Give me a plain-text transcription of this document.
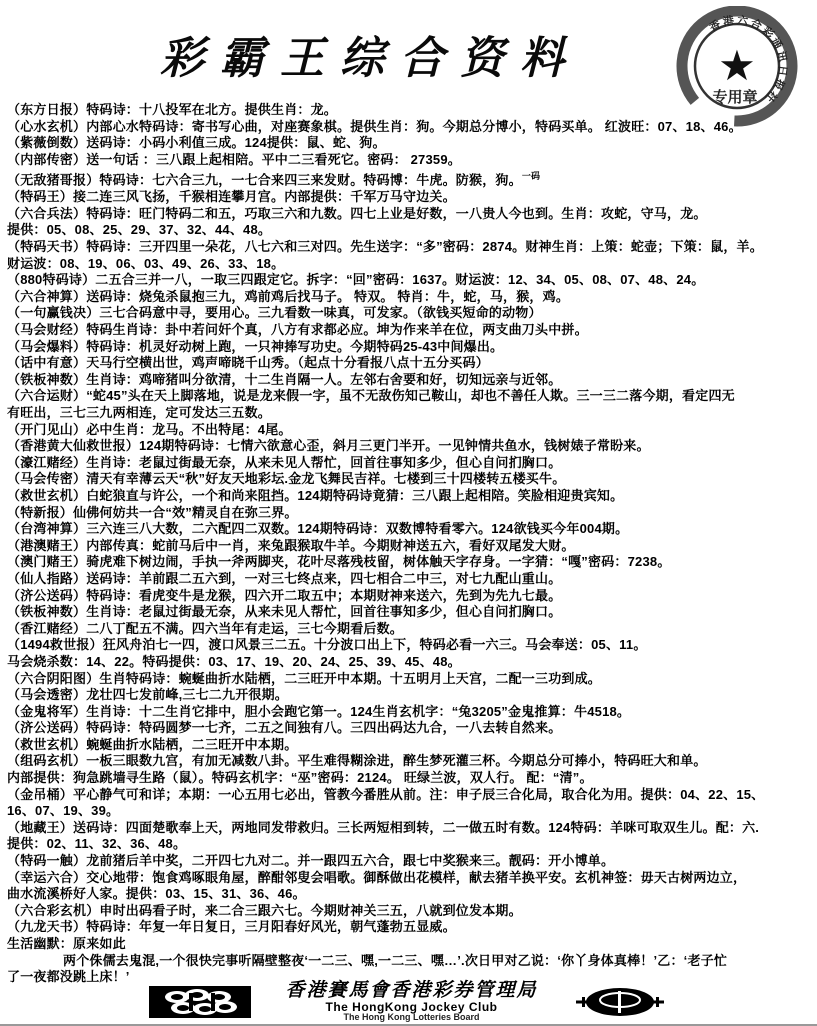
彩霸王综合资料
香港六合彩通讯日报社
★
专用章
（东方日报）特码诗：十八投军在北方。提供生肖：龙。
（心水玄机）内部心水特码诗：寄书写心曲，对座赛象棋。提供生肖：狗。今期总分博小，特码买单。 红波旺：07、18、46。
（紫薇倒数）送码诗：小码小利值三成。124提供：鼠、蛇、狗。
（内部传密）送一句话 ：三八跟上起相陪。平中二三看死它。密码： 27359。
（无敌猪哥报）特码诗：七六合三九，一七合来四三来发财。特码博：牛虎。防猴，狗。$^{一码}$
（特码王）接二连三风飞扬，千猴相连攀月宫。内部提供：千军万马守边关。
（六合兵法）特码诗：旺门特码二和五，巧取三六和九数。四七上业是好数，一八贵人今也到。生肖：攻蛇，守马，龙。
提供：05、08、25、29、37、32、44、48。
（特码天书）特码诗：三开四里一朵花，八七六和三对四。先生送字：“多”密码：2874。财神生肖：上策：蛇壶；下策：鼠，羊。
财运波：08、19、06、03、49、26、33、18。
（880特码诗）二五合三并一八，一取三四跟定它。拆字：“回”密码：1637。财运波：12、34、05、08、07、48、24。
（六合神算）送码诗：烧兔杀鼠抱三九，鸡前鸡后找马子。 特双。 特肖：牛，蛇，马，猴，鸡。
（一句赢钱决）三七合码意中寻，要用心。三九看数一味真，可发家。（欲钱买短命的动物）
（马会财经）特码生肖诗：卦中若问奸个真，八方有求都必应。坤为作来羊在位，两支曲刀头中拼。
（马会爆料）特码诗：机灵好动树上跑，一只神捧写功史。今期特码25-43中间爆出。
（话中有意）天马行空横出世，鸡声啼晓千山秀。（起点十分看报八点十五分买码）
（铁板神数）生肖诗：鸡啼猪叫分欲清，十二生肖隔一人。左邻右舍要和好，切知远亲与近邻。
（六合运财）“蛇45”头在天上脚落地，说是龙来假一字，虽不无敌伤知己鞍山，却也不善任人欺。三一三二落今期，看定四无
有旺出，三七三九两相连，定可发达三五数。
（开门见山）必中生肖：龙马。不出特尾：4尾。
（香港黄大仙救世报）124期特码诗：七情六欲意心歪，斜月三更门半开。一见钟情共鱼水，钱树婊子常盼来。
（濠江赌经）生肖诗：老鼠过街最无奈，从来未见人帮忙，回首往事知多少，但心自问扪胸口。
（马会传密）清天有幸薄云天“秋”好友天地彩坛.金龙飞舞民吉祥。七楼到三十四楼转五楼买牛。
（救世玄机）白蛇狼直与许公，一个和尚来阻挡。124期特码诗竟猜：三八跟上起相陪。笑脸相迎贵宾知。
（特新报）仙佛何妨共一合“效”精灵自在弥三界。
（台湾神算）三六连三八大数，二六配四二双数。124期特码诗：双数博特看零六。124欲钱买今年004期。
（港澳赌王）内部传真：蛇前马后中一肖，来兔跟猴取牛羊。今期财神送五六，看好双尾发大财。
（澳门赌王）骑虎难下树边闹，手执一斧两脚夹，花叶尽落残枝留，树体触天字存身。一字猜：“嘎”密码：7238。
（仙人指路）送码诗：羊前跟二五六到，一对三七终点来，四七相合二中三，对七九配山重山。
（济公送码）特码诗：看虎变牛是龙猴，四六开二取五中；本期财神来送六，先到为先九七最。
（铁板神数）生肖诗：老鼠过街最无奈，从来未见人帮忙，回首往事知多少，但心自问扪胸口。
（香江赌经）二八丁配五不满。四六当年有走运，三七今期看后数。
（1494救世报）狂风舟泊七一四，渡口风景三二五。十分波口出上下，特码必看一六三。马会奉送：05、11。
马会烧杀数：14、22。特码提供：03、17、19、20、24、25、39、45、48。
（六合阴阳图）生肖特码诗：蜿蜒曲折水陆栖，二三旺开中本期。十五明月上天宫，二配一三功到成。
（马会透密）龙壮四七发前峰,三七二九开很期。
（金鬼将军）生肖诗：十二生肖它排中，胆小会跑它第一。124生肖玄机字：“兔3205”金鬼推算：牛4518。
（济公送码）特码诗：特码圆梦一七齐，二五之间独有八。三四出码达九合，一八去转自然来。
（救世玄机）蜿蜒曲折水陆栖，二三旺开中本期。
（组码玄机）一板三眼数九宫，有加无减数八卦。平生难得糊涂进，醉生梦死灌三杯。今期总分可捧小，特码旺大和单。
内部提供：狗急跳墙寻生路（鼠）。特码玄机字：“巫”密码：2124。 旺绿兰波，双人行。 配：“清”。
（金吊桶）平心静气可和详；本期：一心五用七必出，管教今番胜从前。注：申子辰三合化局，取合化为用。提供：04、22、15、
16、07、19、39。
（地藏王）送码诗：四面楚歌奉上天，两地同发带救归。三长两短相到转，二一做五时有数。124特码：羊咪可取双生儿。配：六.
提供：02、11、32、36、48。
（特码一触）龙前猪后羊中奖，二开四七九对二。并一跟四五六合，跟七中奖猴来三。靓码：开小博单。
（幸运六合）交心地带：饱食鸡啄眼角屋，醉酣邻叟会唱歌。御酥做出花模样，献去猪羊换平安。玄机神签：毋天古树两边立，
曲水流溪桥好人家。提供：03、15、31、36、46。
（六合彩玄机）申时出码看子时，来二合三跟六七。今期财神关三五，八就到位发本期。
（九龙天书）特码诗：年复一年日复日，三月阳春好风光，朝气蓬勃五显威。
生活幽默：原来如此
两个侏儒去鬼混,一个很快完事听隔壁整夜‘一二三、嘿,一二三、嘿…’.次日甲对乙说：‘你丫身体真棒！’乙：‘老子忙
了一夜都没跳上床！’
香港賽馬會香港彩券管理局
The HongKong Jockey Club
The Hong Kong Lotteries Board
